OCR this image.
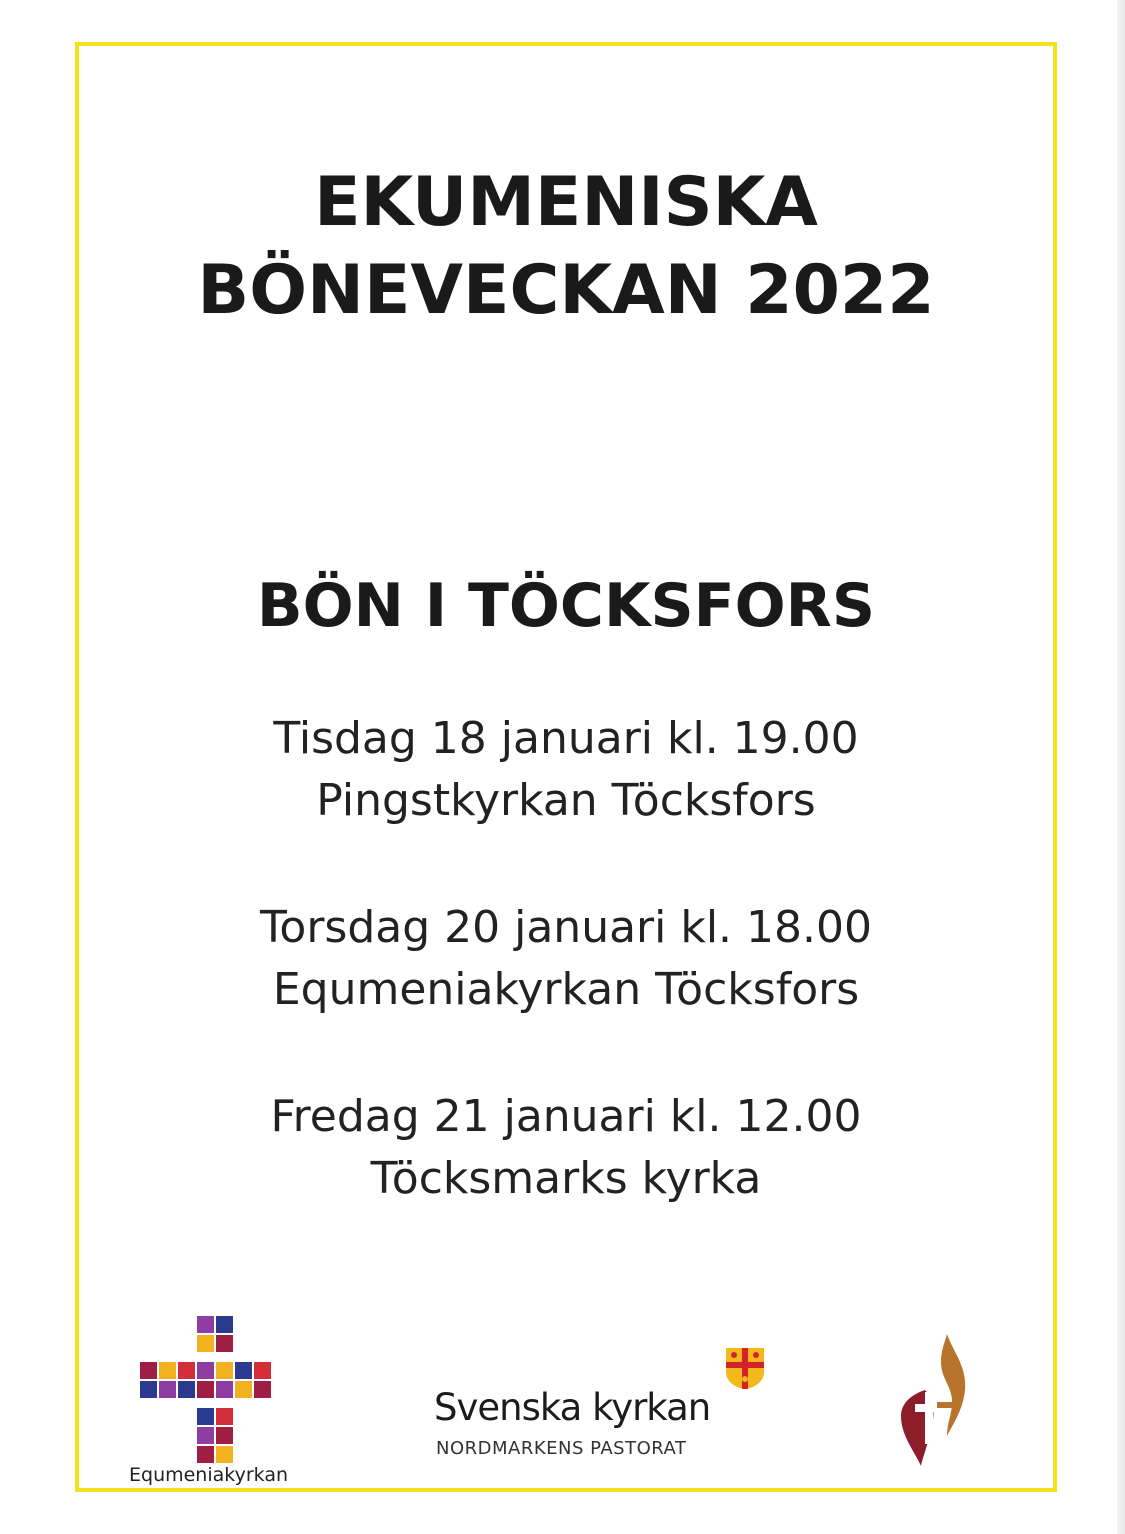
EKUMENISKA
BÖNEVECKAN 2022
BÖN I TÖCKSFORS
Tisdag 18 januari kl. 19.00
Pingstkyrkan Töcksfors
Torsdag 20 januari kl. 18.00
Equmeniakyrkan Töcksfors
Fredag 21 januari kl. 12.00
Töcksmarks kyrka
Equmeniakyrkan
Svenska kyrkan
NORDMARKENS PASTORAT
